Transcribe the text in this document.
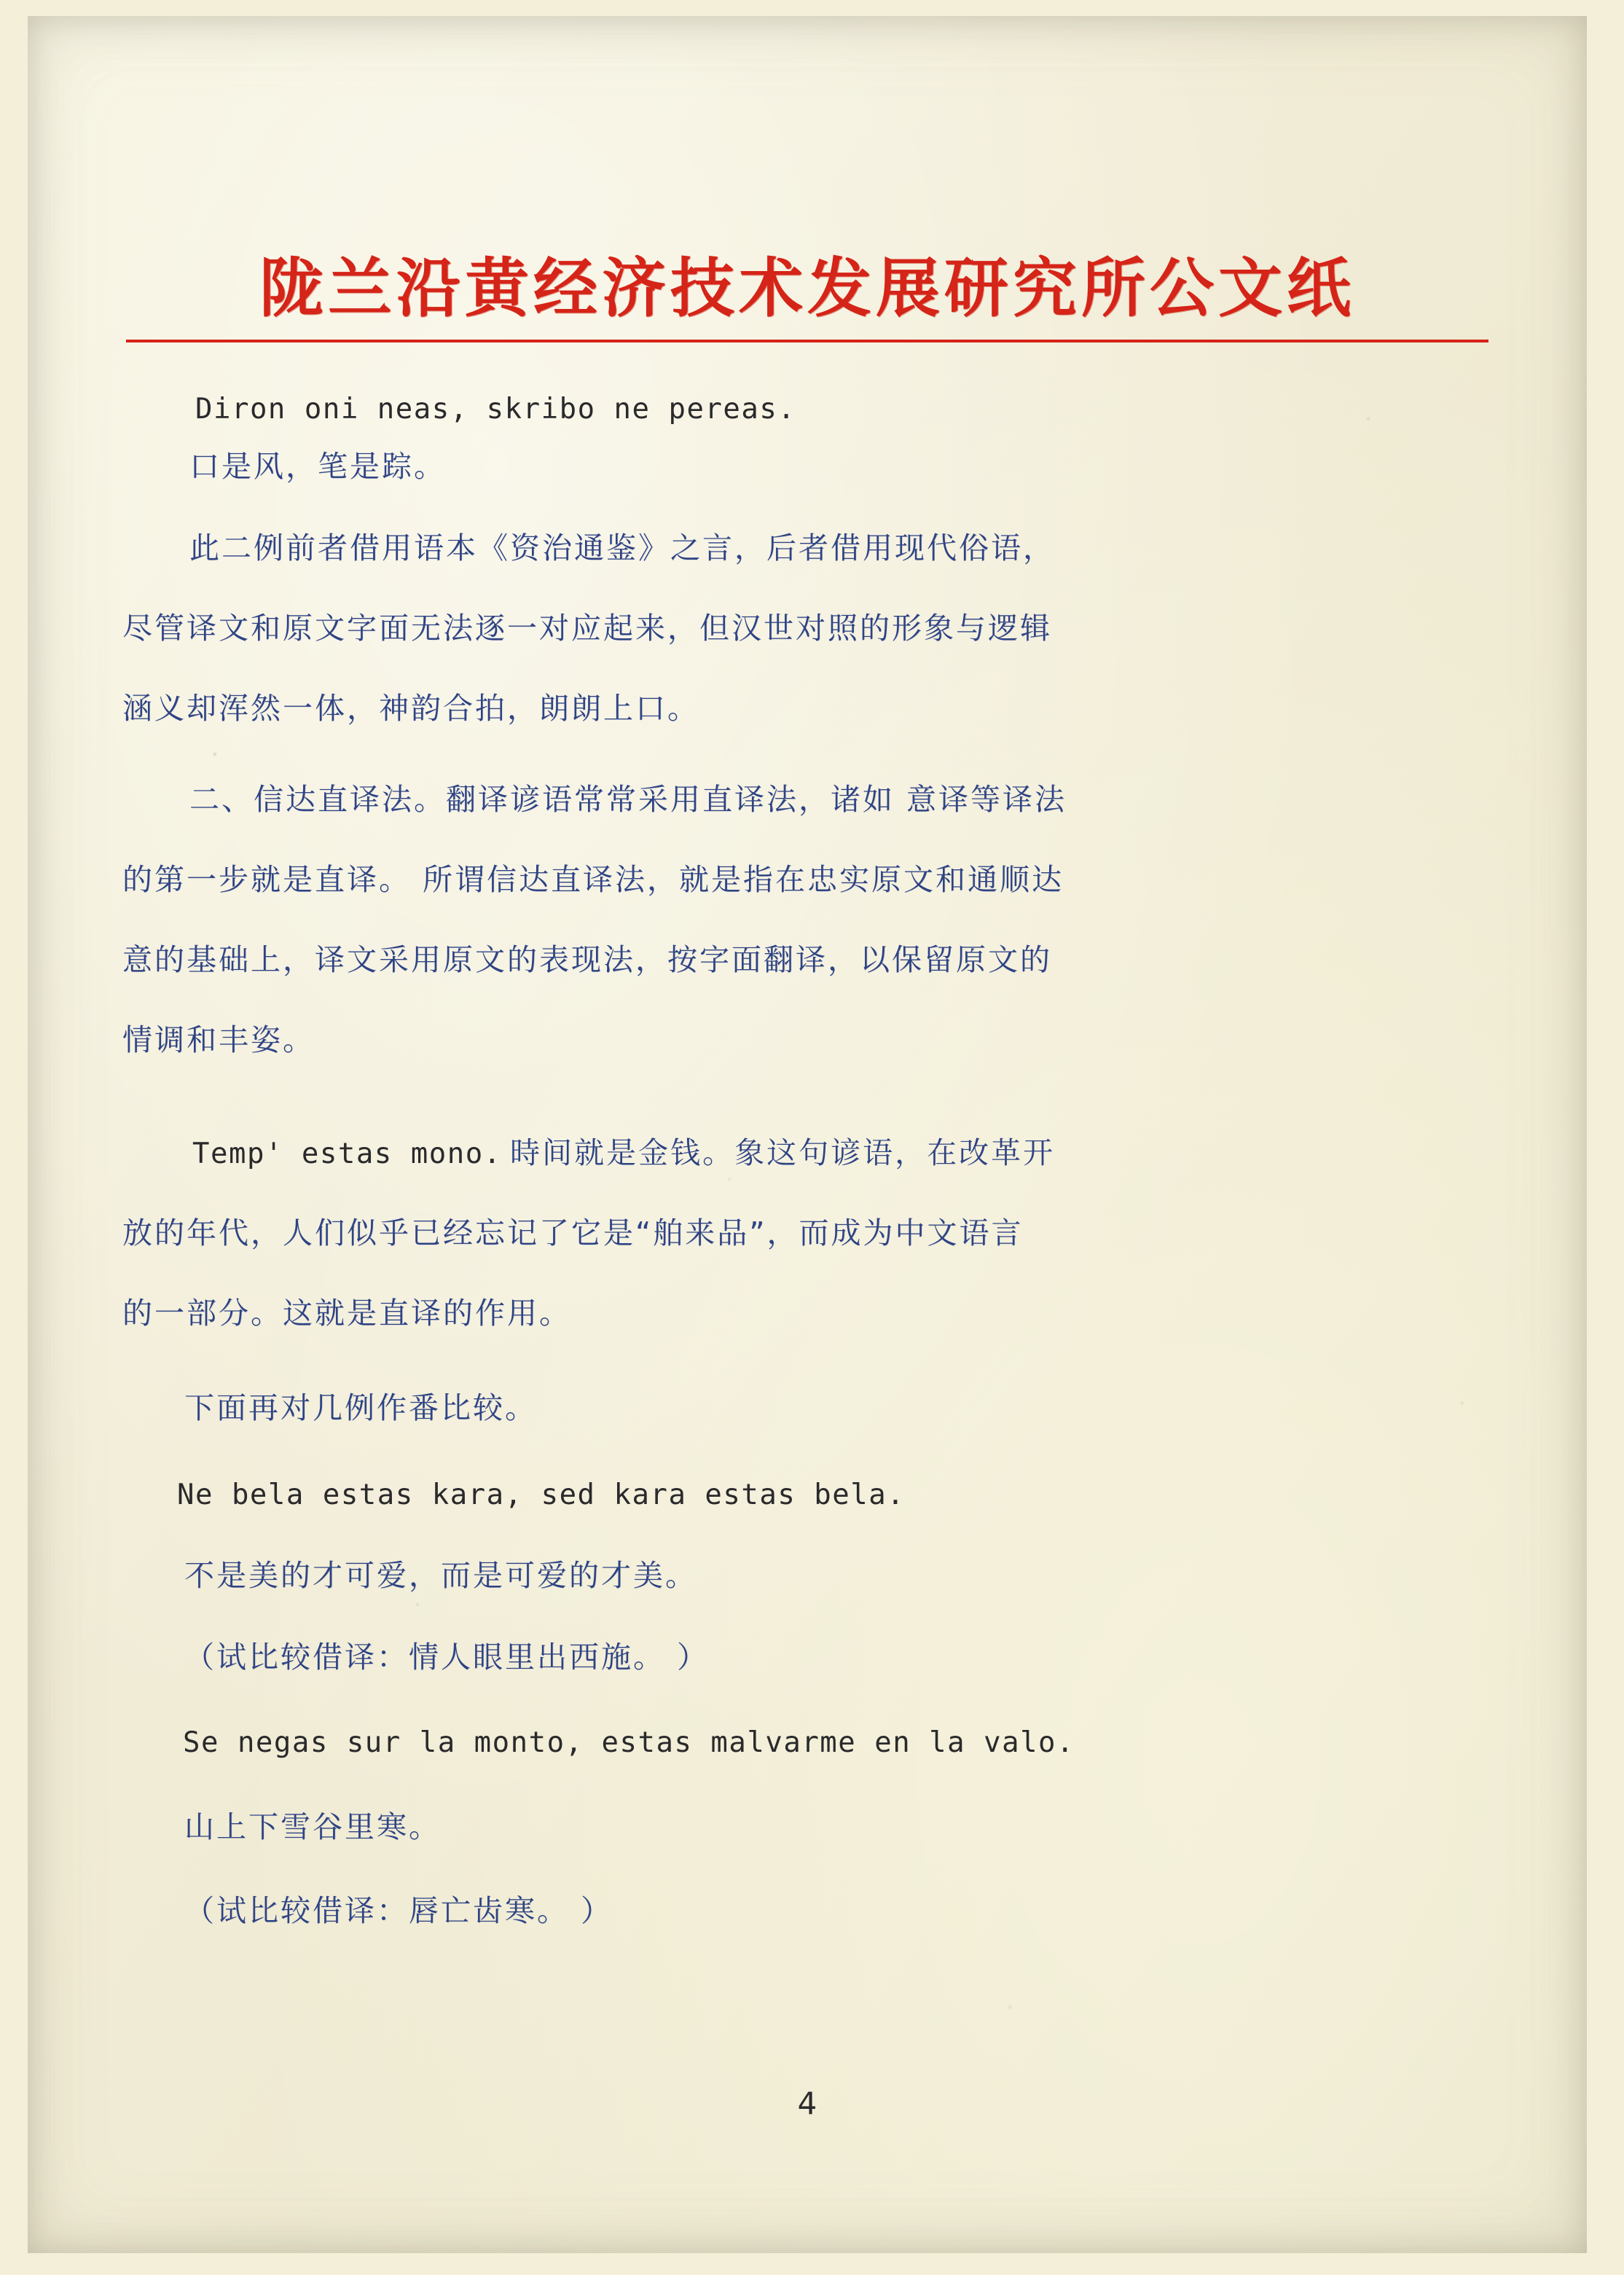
陇兰沿黄经济技术发展研究所公文纸
Diron oni neas, skribo ne pereas.
口是风，笔是踪。
此二例前者借用语本《资治通鉴》之言，后者借用现代俗语，
尽管译文和原文字面无法逐一对应起来，但汉世对照的形象与逻辑
涵义却浑然一体，神韵合拍，朗朗上口。
二、信达直译法。翻译谚语常常采用直译法，诸如 意译等译法
的第一步就是直译。 所谓信达直译法，就是指在忠实原文和通顺达
意的基础上，译文采用原文的表现法，按字面翻译，以保留原文的
情调和丰姿。
Temp' estas mono. 時间就是金钱。象这句谚语，在改革开
放的年代，人们似乎已经忘记了它是“舶来品”，而成为中文语言
的一部分。这就是直译的作用。
下面再对几例作番比较。
Ne bela estas kara, sed kara estas bela.
不是美的才可爱，而是可爱的才美。
（试比较借译：情人眼里出西施。 ）
Se negas sur la monto, estas malvarme en la valo.
山上下雪谷里寒。
（试比较借译：唇亡齿寒。 ）
4
